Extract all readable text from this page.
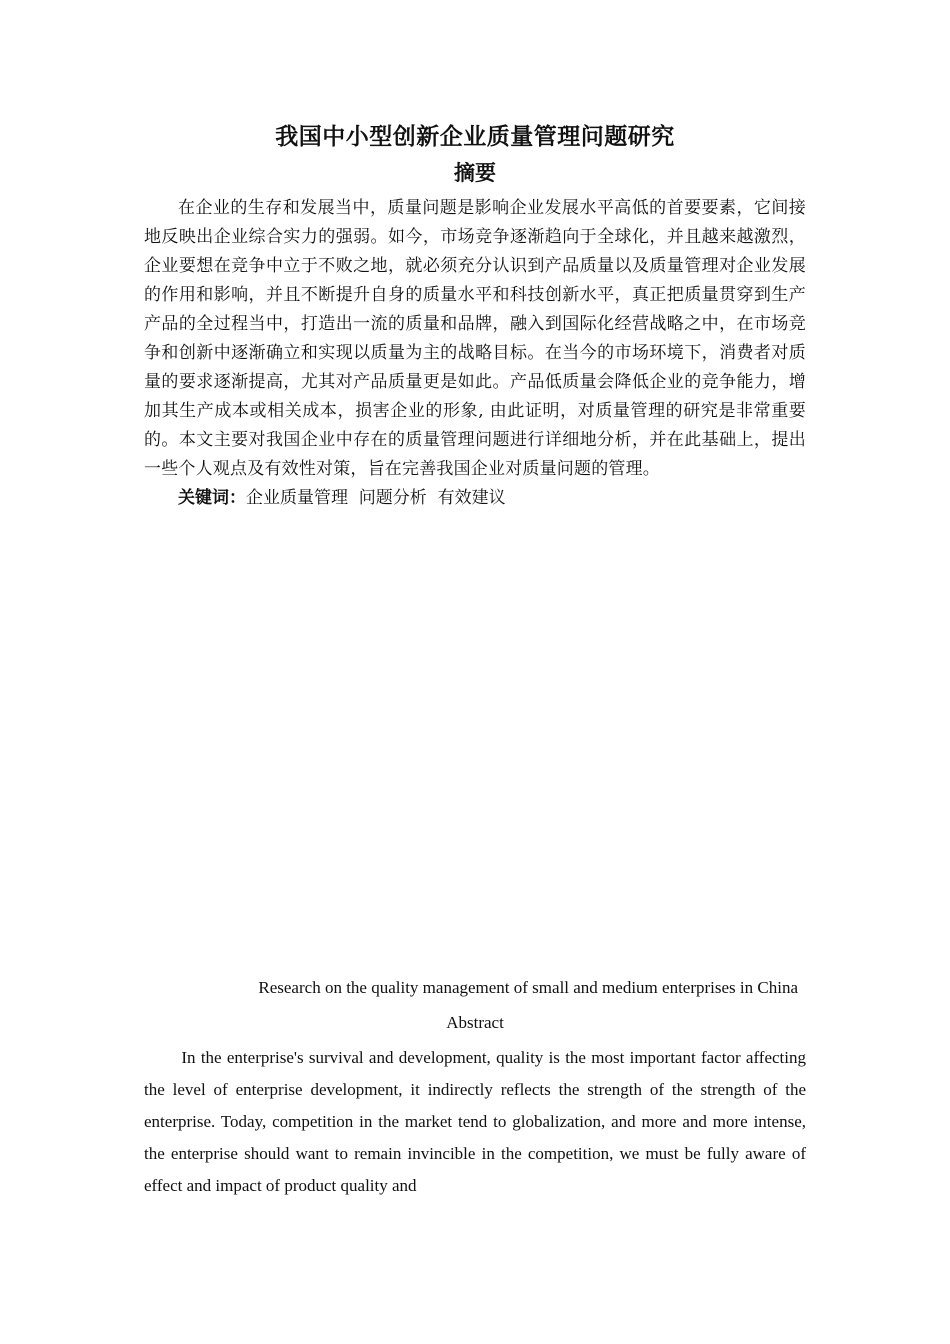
我国中小型创新企业质量管理问题研究
摘要

在企业的生存和发展当中，质量问题是影响企业发展水平高低的首要要素，它间接地反映出企业综合实力的强弱。如今，市场竞争逐渐趋向于全球化，并且越来越激烈，企业要想在竞争中立于不败之地，就必须充分认识到产品质量以及质量管理对企业发展的作用和影响，并且不断提升自身的质量水平和科技创新水平，真正把质量贯穿到生产产品的全过程当中，打造出一流的质量和品牌，融入到国际化经营战略之中，在市场竞争和创新中逐渐确立和实现以质量为主的战略目标。在当今的市场环境下，消费者对质量的要求逐渐提高，尤其对产品质量更是如此。产品低质量会降低企业的竞争能力，增加其生产成本或相关成本，损害企业的形象, 由此证明，对质量管理的研究是非常重要的。本文主要对我国企业中存在的质量管理问题进行详细地分析，并在此基础上，提出一些个人观点及有效性对策，旨在完善我国企业对质量问题的管理。

关键词：企业质量管理  问题分析  有效建议

Research on the quality management of small and medium enterprises in China
Abstract

In the enterprise's survival and development, quality is the most important factor affecting the level of enterprise development, it indirectly reflects the strength of the strength of the enterprise. Today, competition in the market tend to globalization, and more and more intense, the enterprise should want to remain invincible in the competition, we must be fully aware of effect and impact of product quality and
